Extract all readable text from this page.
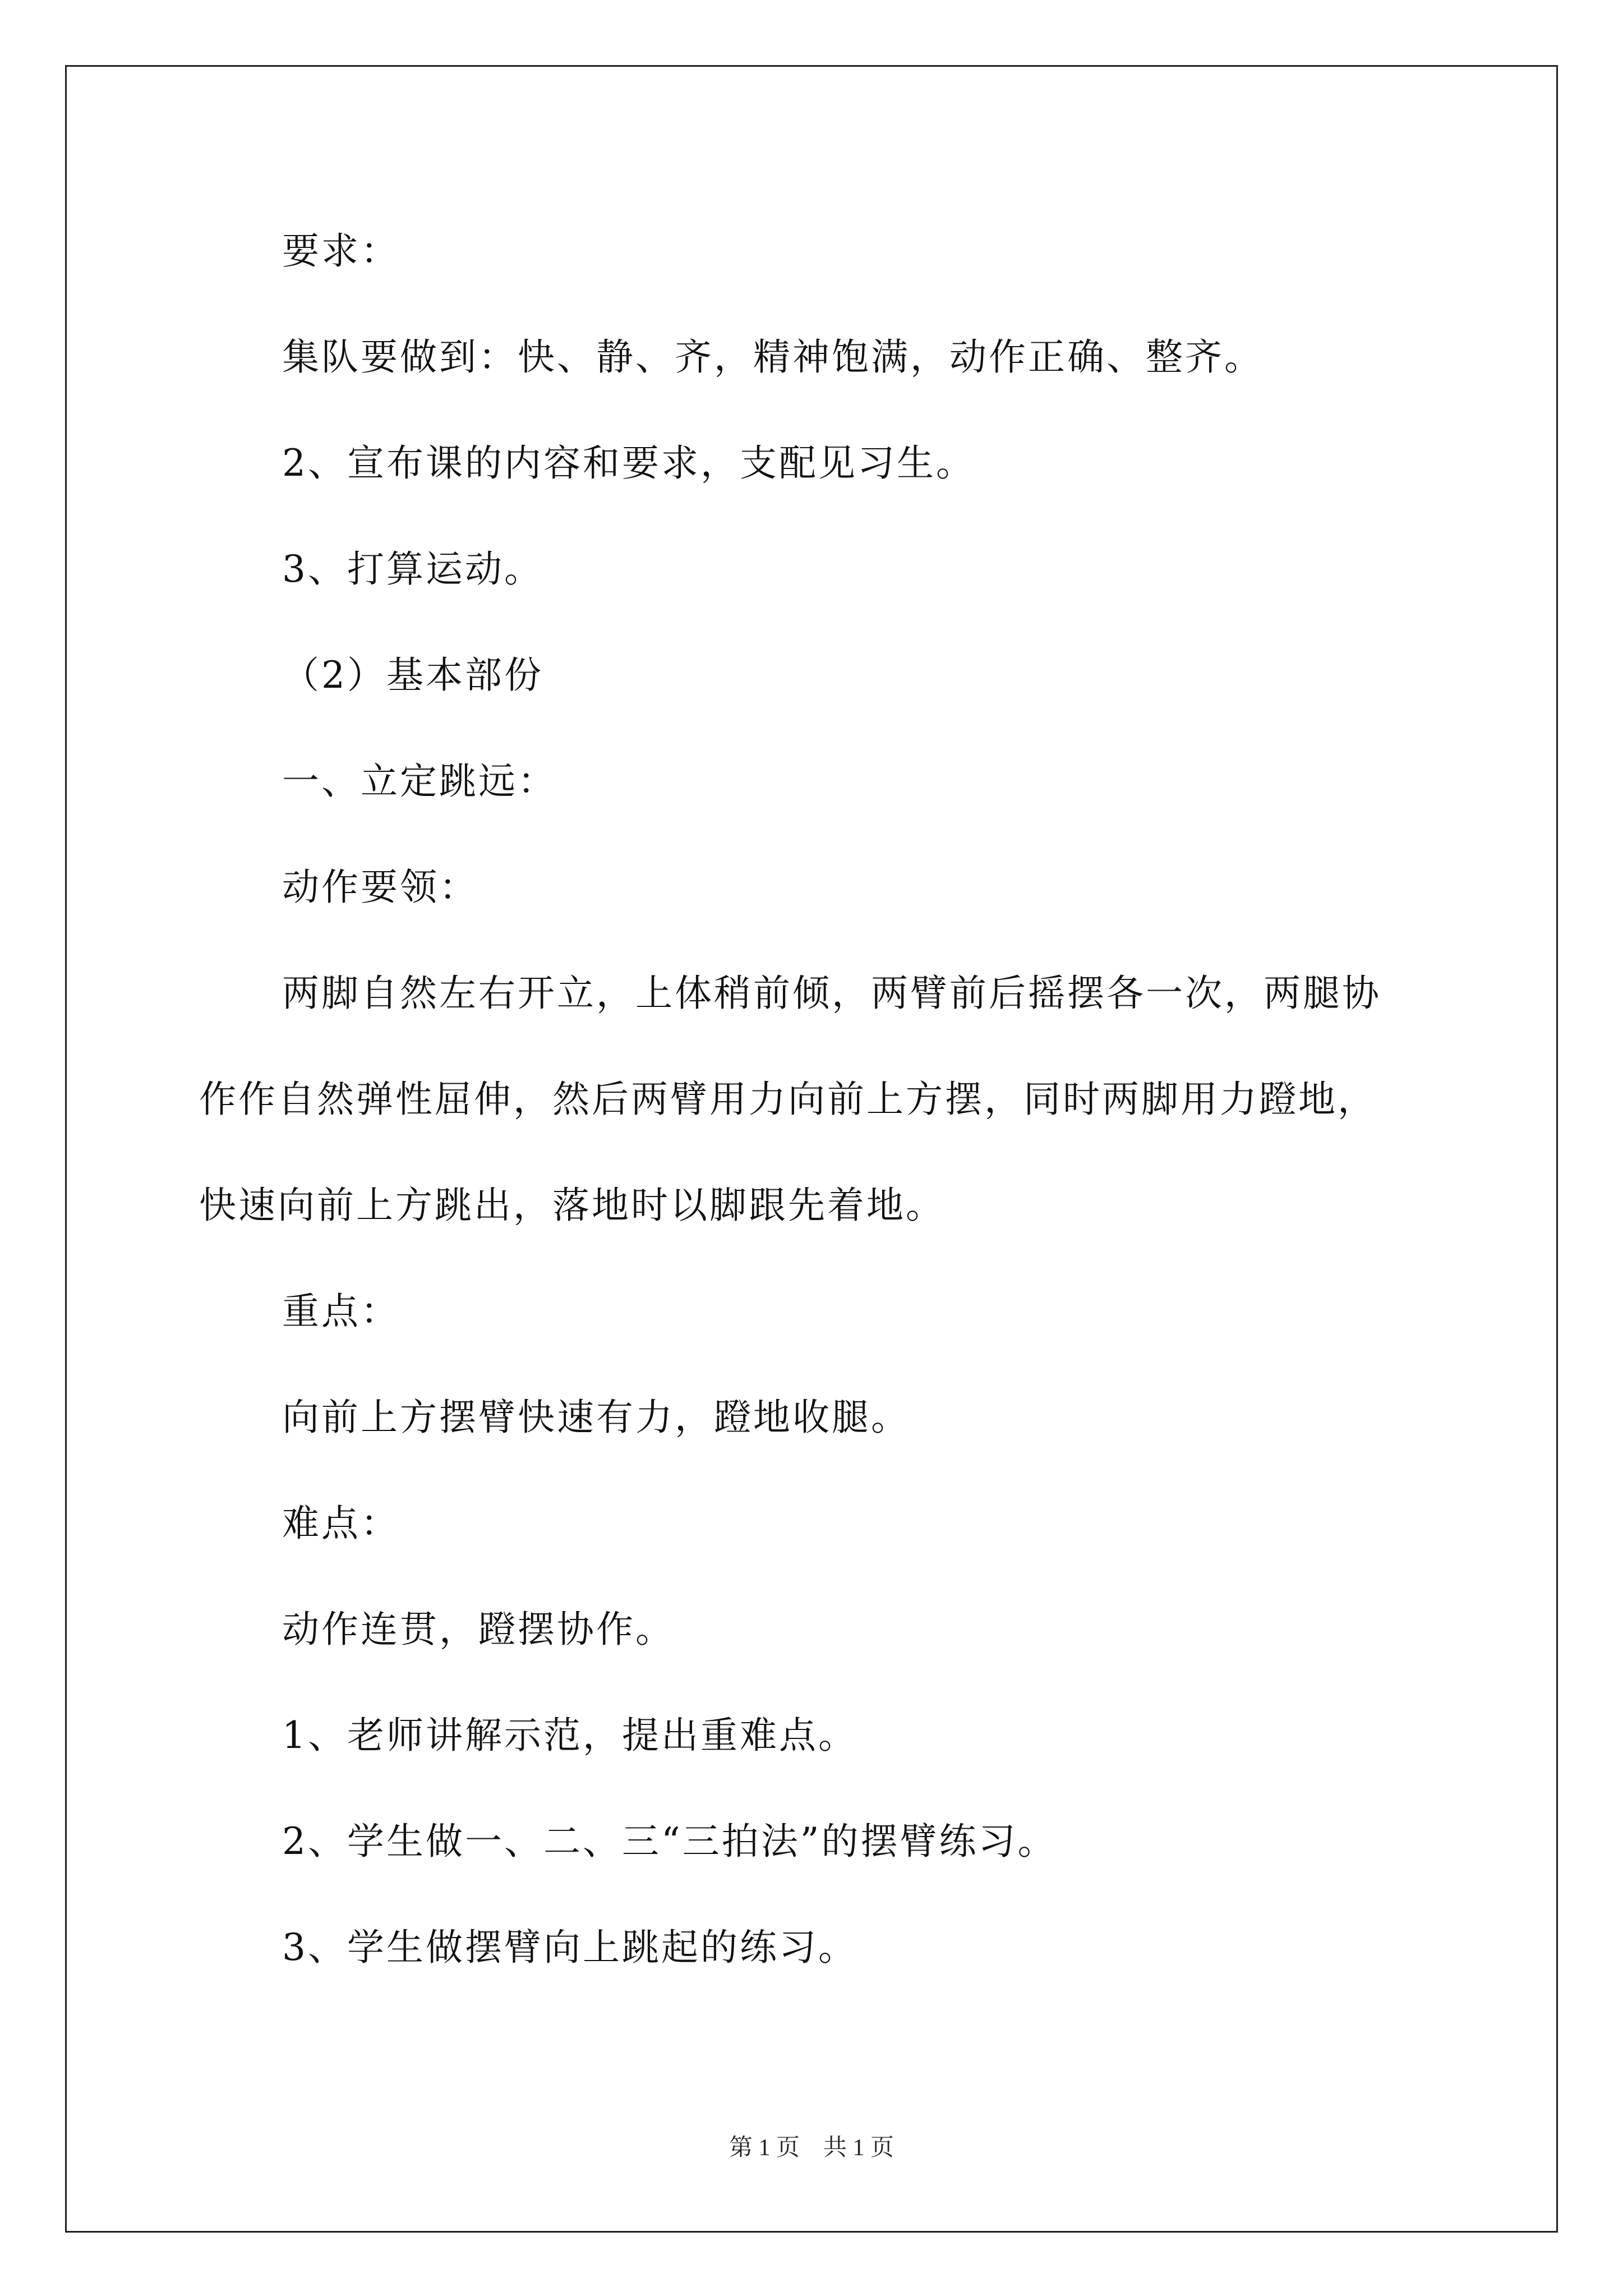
要求：
集队要做到：快、静、齐，精神饱满，动作正确、整齐。
2、宣布课的内容和要求，支配见习生。
3、打算运动。
（2）基本部份
一、立定跳远：
动作要领：
两脚自然左右开立，上体稍前倾，两臂前后摇摆各一次，两腿协
作作自然弹性屈伸，然后两臂用力向前上方摆，同时两脚用力蹬地，
快速向前上方跳出，落地时以脚跟先着地。
重点：
向前上方摆臂快速有力，蹬地收腿。
难点：
动作连贯，蹬摆协作。
1、老师讲解示范，提出重难点。
2、学生做一、二、三“三拍法”的摆臂练习。
3、学生做摆臂向上跳起的练习。
第 1 页　共 1 页
